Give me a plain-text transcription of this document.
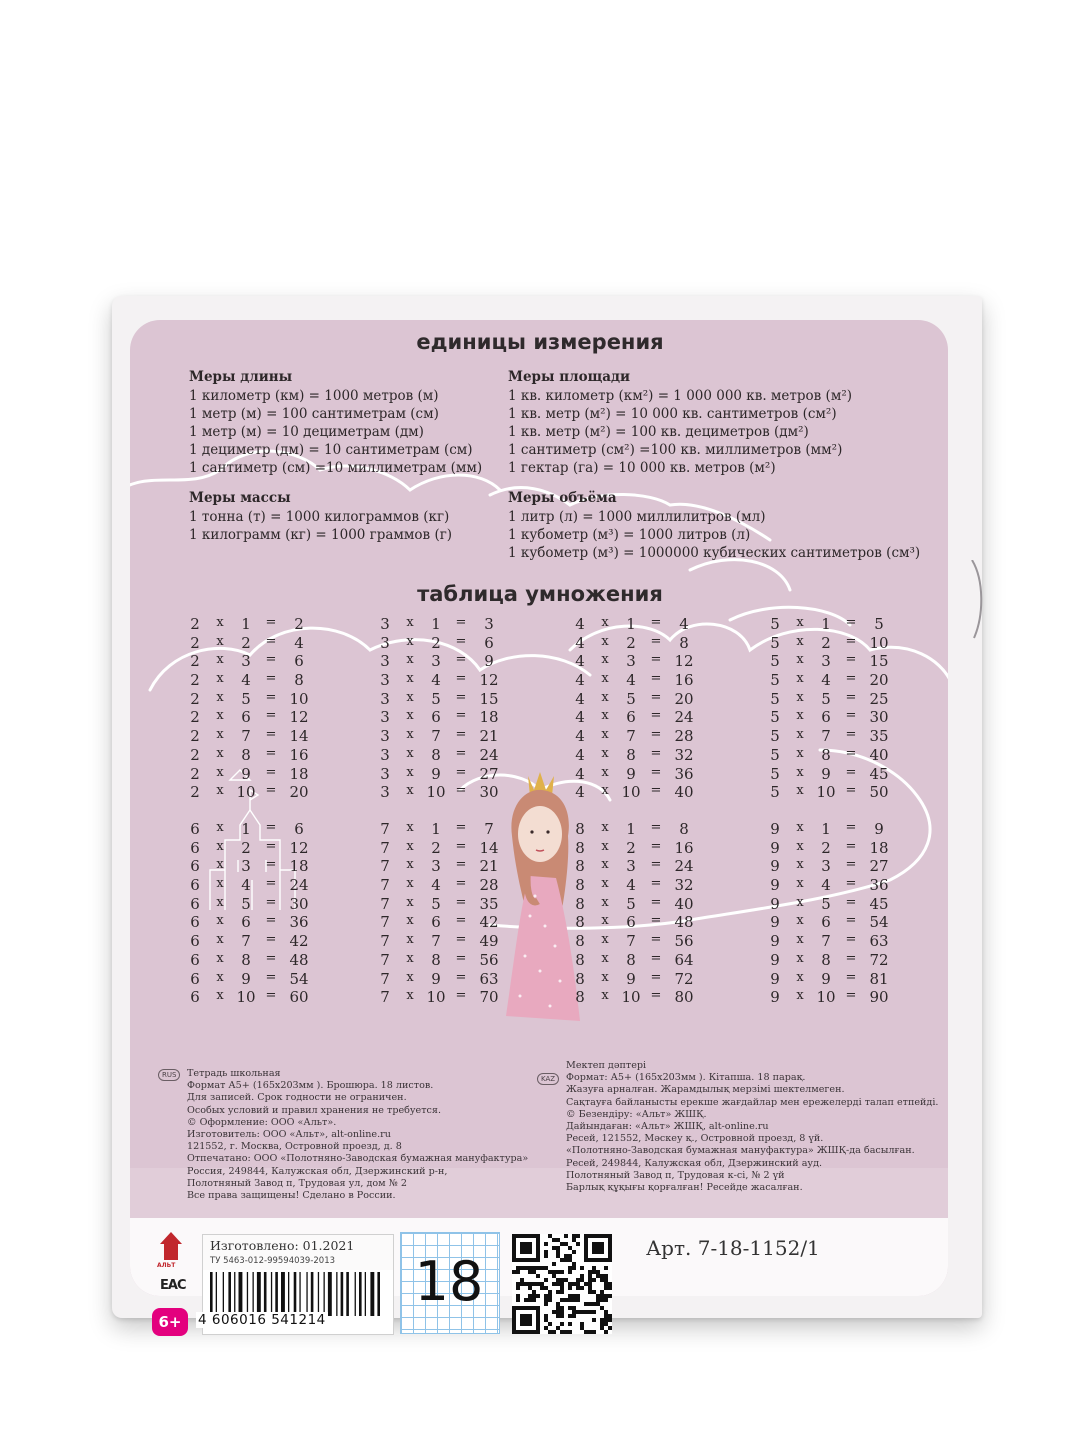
единицы измерения
таблица умножения
Меры длины
1 километр (км) = 1000 метров (м)
1 метр (м) = 100 сантиметрам (см)
1 метр (м) = 10 дециметрам (дм)
1 дециметр (дм) = 10 сантиметрам (см)
1 сантиметр (см) =10 миллиметрам (мм)
Меры площади
1 кв. километр (км²) = 1 000 000 кв. метров (м²)
1 кв. метр (м²) = 10 000 кв. сантиметров (см²)
1 кв. метр (м²) = 100 кв. дециметров (дм²)
1 сантиметр (см²) =100 кв. миллиметров (мм²)
1 гектар (га) = 10 000 кв. метров (м²)
Меры массы
1 тонна (т) = 1000 килограммов (кг)
1 килограмм (кг) = 1000 граммов (г)
Меры объёма
1 литр (л) = 1000 миллилитров (мл)
1 кубометр (м³) = 1000 литров (л)
1 кубометр (м³) = 1000000 кубических сантиметров (см³)
2 x	1	=	2
2 x	2	=	4
2 x	3	=	6
2 x	4	=	8
2 x	5	= 10
2 x	6	= 12
2 x	7	= 14
2 x	8	= 16
2 x	9	= 18
2 x 10 = 20
3 x	1	=	3
3 x	2	=	6
3 x	3	=	9
3 x	4	= 12
3 x	5	= 15
3 x	6	= 18
3 x	7	= 21
3 x	8	= 24
3 x	9	= 27
3 x 10 = 30
4 x	1	=	4
4 x	2	=	8
4 x	3	= 12
4 x	4	= 16
4 x	5	= 20
4 x	6	= 24
4 x	7	= 28
4 x	8	= 32
4 x	9	= 36
4 x 10 = 40
5 x	1	=	5
5 x	2	= 10
5 x	3	= 15
5 x	4	= 20
5 x	5	= 25
5 x	6	= 30
5 x	7	= 35
5 x	8	= 40
5 x	9	= 45
5 x 10 = 50
6 x	1	=	6
6 x	2	= 12
6 x	3	= 18
6 x	4	= 24
6 x	5	= 30
6 x	6	= 36
6 x	7	= 42
6 x	8	= 48
6 x	9	= 54
6 x 10 = 60
7 x	1	=	7
7 x	2	= 14
7 x	3	= 21
7 x	4	= 28
7 x	5	= 35
7 x	6	= 42
7 x	7	= 49
7 x	8	= 56
7 x	9	= 63
7 x 10 = 70
8 x	1	=	8
8 x	2	= 16
8 x	3	= 24
8 x	4	= 32
8 x	5	= 40
8 x	6	= 48
8 x	7	= 56
8 x	8	= 64
8 x	9	= 72
8 x 10 = 80
9 x	1	=	9
9 x	2	= 18
9 x	3	= 27
9 x	4	= 36
9 x	5	= 45
9 x	6	= 54
9 x	7	= 63
9 x	8	= 72
9 x	9	= 81
9 x 10 = 90
RUS	Тетрадь школьная
Формат А5+ (165х203мм ). Брошюра. 18 листов.
Для записей. Срок годности не ограничен.
Особых условий и правил хранения не требуется.
© Оформление: ООО «Альт».
Изготовитель: ООО «Альт», alt-online.ru
121552, г. Москва, Островной проезд, д. 8
Отпечатано: ООО «Полотняно-Заводская бумажная мануфактура»
Россия, 249844, Калужская обл, Дзержинский р-н,
Полотняный Завод п, Трудовая ул, дом № 2
Все права защищены! Сделано в России.
KAZ
Мектеп дәптері
Формат: А5+ (165х203мм ). Кітапша. 18 парақ.
Жазуға арналған. Жарамдылық мерзімі шектелмеген.
Сақтауға байланысты ерекше жағдайлар мен ережелерді талап етпейді.
© Безендіру: «Альт» ЖШҚ.
Дайындаған: «Альт» ЖШҚ, alt-online.ru
Ресей, 121552, Мәскеу қ., Островной проезд, 8 үй.
«Полотняно-Заводская бумажная мануфактура» ЖШҚ-да басылған.
Ресей, 249844, Калужская обл, Дзержинский ауд.
Полотняный Завод п, Трудовая к-сі, № 2 үй
Барлық құқығы қорғалған! Ресейде жасалған.
АЛЬТ
ЕАС
6+
Изготовлено: 01.2021
ТУ 5463-012-99594039-2013
4 606016 541214
18
Арт. 7-18-1152/1
